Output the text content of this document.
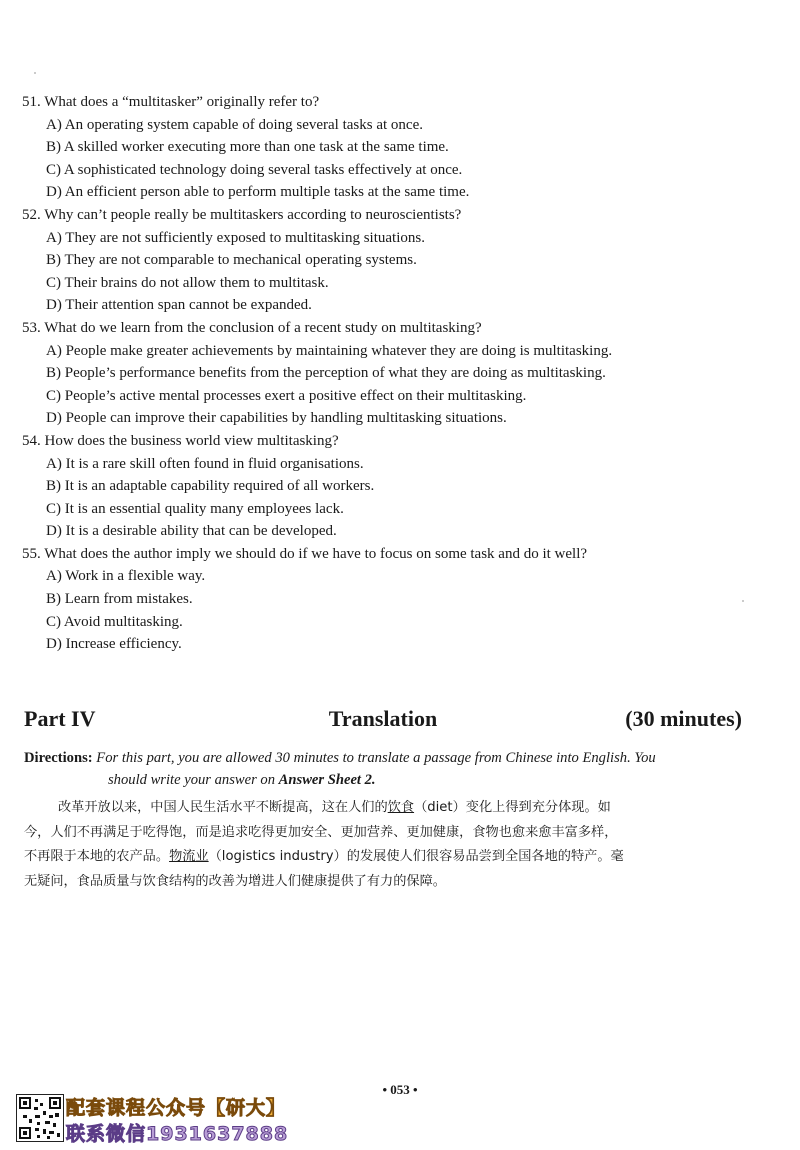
51. What does a “multitasker” originally refer to?
A) An operating system capable of doing several tasks at once.
B) A skilled worker executing more than one task at the same time.
C) A sophisticated technology doing several tasks effectively at once.
D) An efficient person able to perform multiple tasks at the same time.
52. Why can’t people really be multitaskers according to neuroscientists?
A) They are not sufficiently exposed to multitasking situations.
B) They are not comparable to mechanical operating systems.
C) Their brains do not allow them to multitask.
D) Their attention span cannot be expanded.
53. What do we learn from the conclusion of a recent study on multitasking?
A) People make greater achievements by maintaining whatever they are doing is multitasking.
B) People’s performance benefits from the perception of what they are doing as multitasking.
C) People’s active mental processes exert a positive effect on their multitasking.
D) People can improve their capabilities by handling multitasking situations.
54. How does the business world view multitasking?
A) It is a rare skill often found in fluid organisations.
B) It is an adaptable capability required of all workers.
C) It is an essential quality many employees lack.
D) It is a desirable ability that can be developed.
55. What does the author imply we should do if we have to focus on some task and do it well?
A) Work in a flexible way.
B) Learn from mistakes.
C) Avoid multitasking.
D) Increase efficiency.
Translation
Part IV	(30 minutes)
Directions: For this part, you are allowed 30 minutes to translate a passage from Chinese into English. You
should write your answer on Answer Sheet 2.
改革开放以来，中国人民生活水平不断提高，这在人们的饮食（diet）变化上得到充分体现。如
今，人们不再满足于吃得饱，而是追求吃得更加安全、更加营养、更加健康，食物也愈来愈丰富多样，
不再限于本地的农产品。物流业（logistics industry）的发展使人们很容易品尝到全国各地的特产。毫
无疑问，食品质量与饮食结构的改善为增进人们健康提供了有力的保障。
• 053 •
配套课程公众号【研大】
联系微信1931637888
